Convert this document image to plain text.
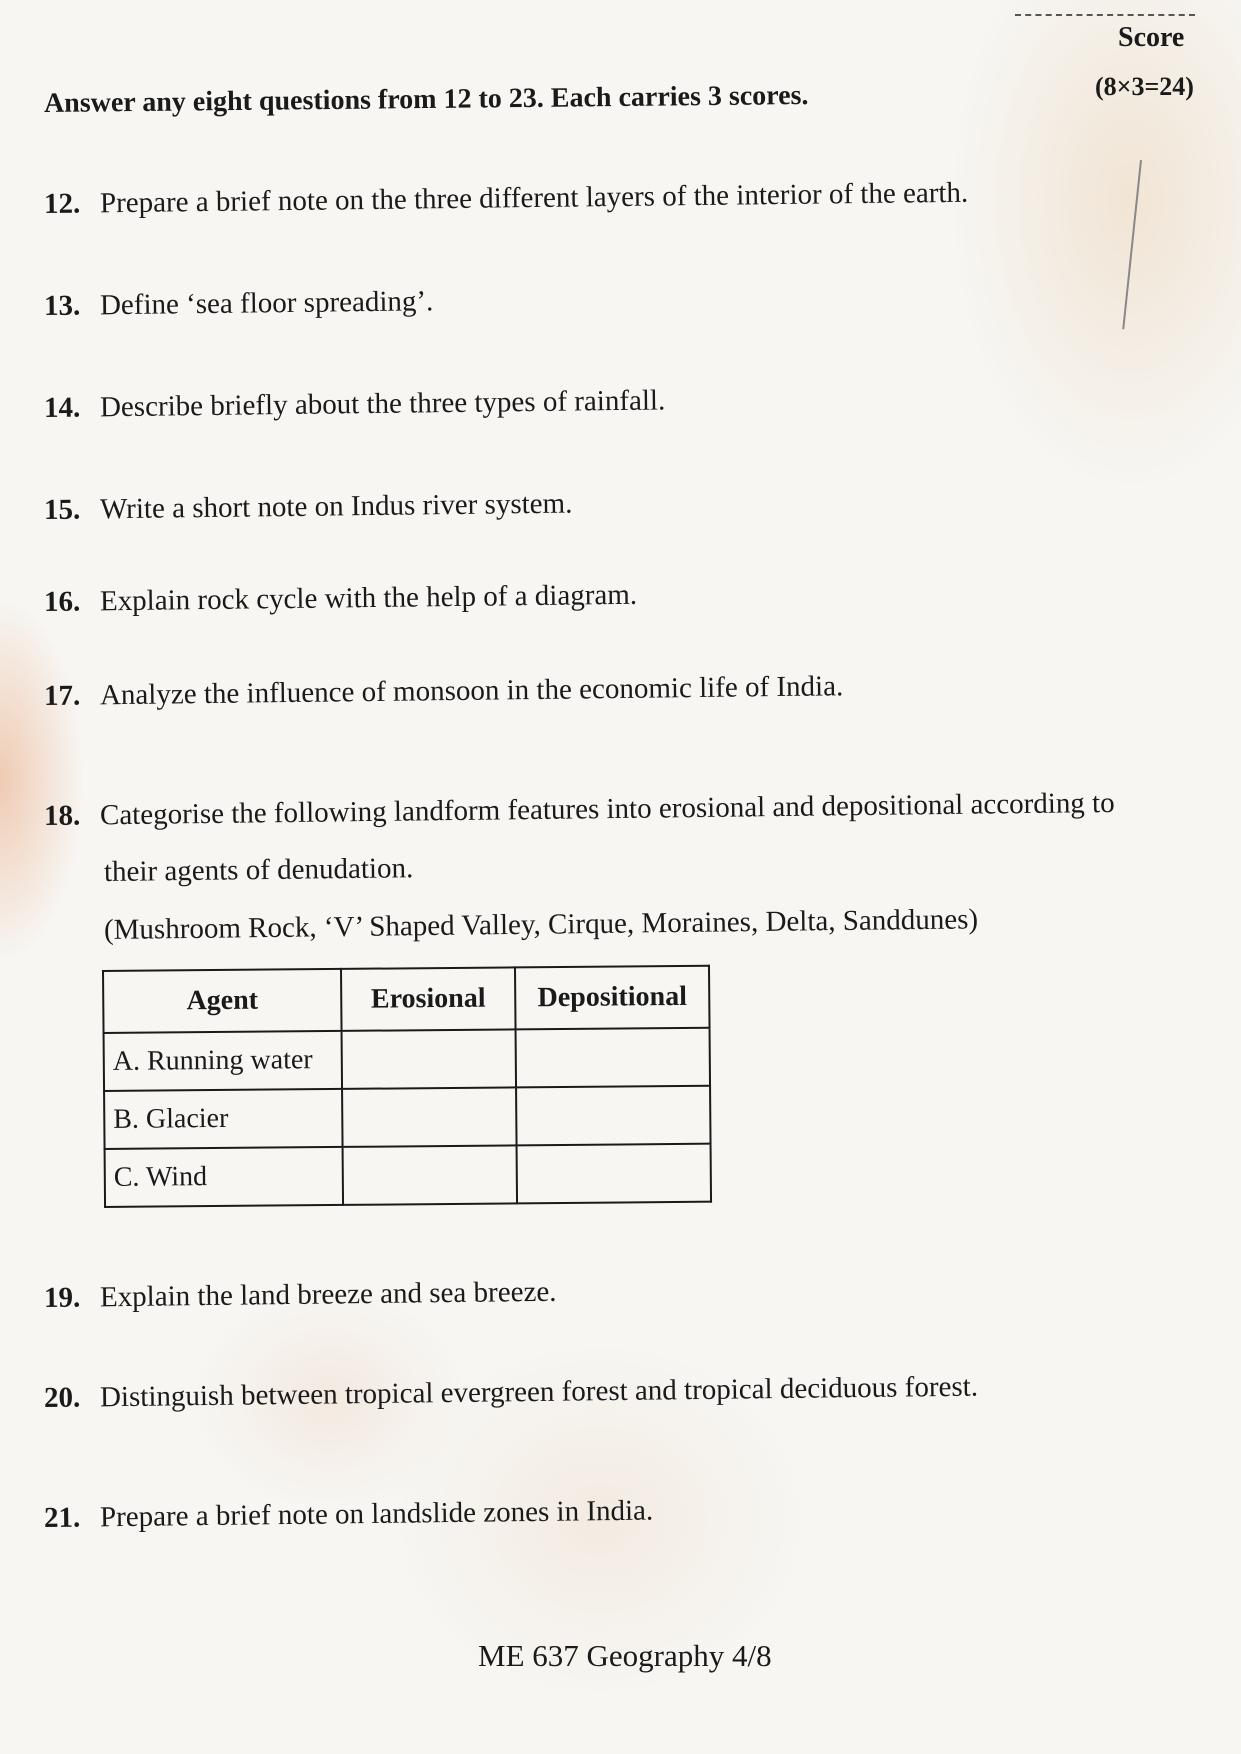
Score
(8×3=24)
Answer any eight questions from 12 to 23. Each carries 3 scores.
12. Prepare a brief note on the three different layers of the interior of the earth.
13. Define ‘sea floor spreading’.
14. Describe briefly about the three types of rainfall.
15. Write a short note on Indus river system.
16. Explain rock cycle with the help of a diagram.
17. Analyze the influence of monsoon in the economic life of India.
18. Categorise the following landform features into erosional and depositional according to
their agents of denudation.
(Mushroom Rock, ‘V’ Shaped Valley, Cirque, Moraines, Delta, Sanddunes)
Agent	Erosional	Depositional
A. Running water		
B. Glacier		
C. Wind		
19. Explain the land breeze and sea breeze.
20. Distinguish between tropical evergreen forest and tropical deciduous forest.
21. Prepare a brief note on landslide zones in India.
ME 637 Geography 4/8
